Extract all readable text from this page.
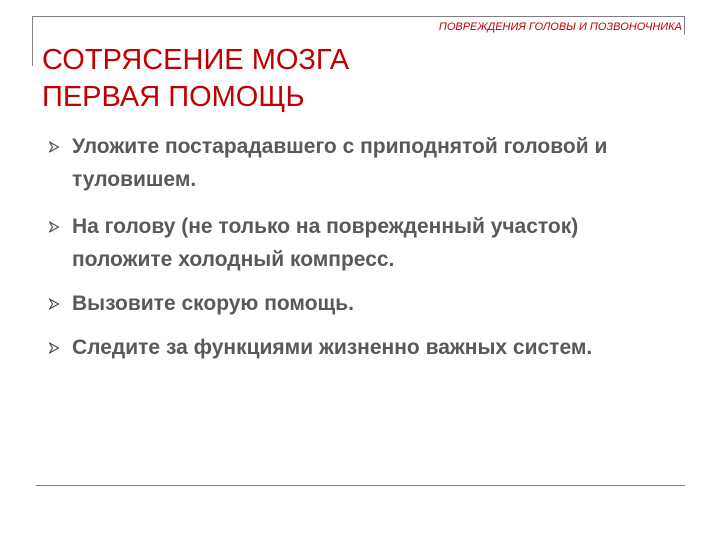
ПОВРЕЖДЕНИЯ ГОЛОВЫ И ПОЗВОНОЧНИКА
СОТРЯСЕНИЕ МОЗГА
ПЕРВАЯ ПОМОЩЬ
Уложите постарадавшего с приподнятой головой и туловишем.
На голову (не только на поврежденный участок) положите холодный компресс.
Вызовите скорую помощь.
Следите за функциями жизненно важных систем.
